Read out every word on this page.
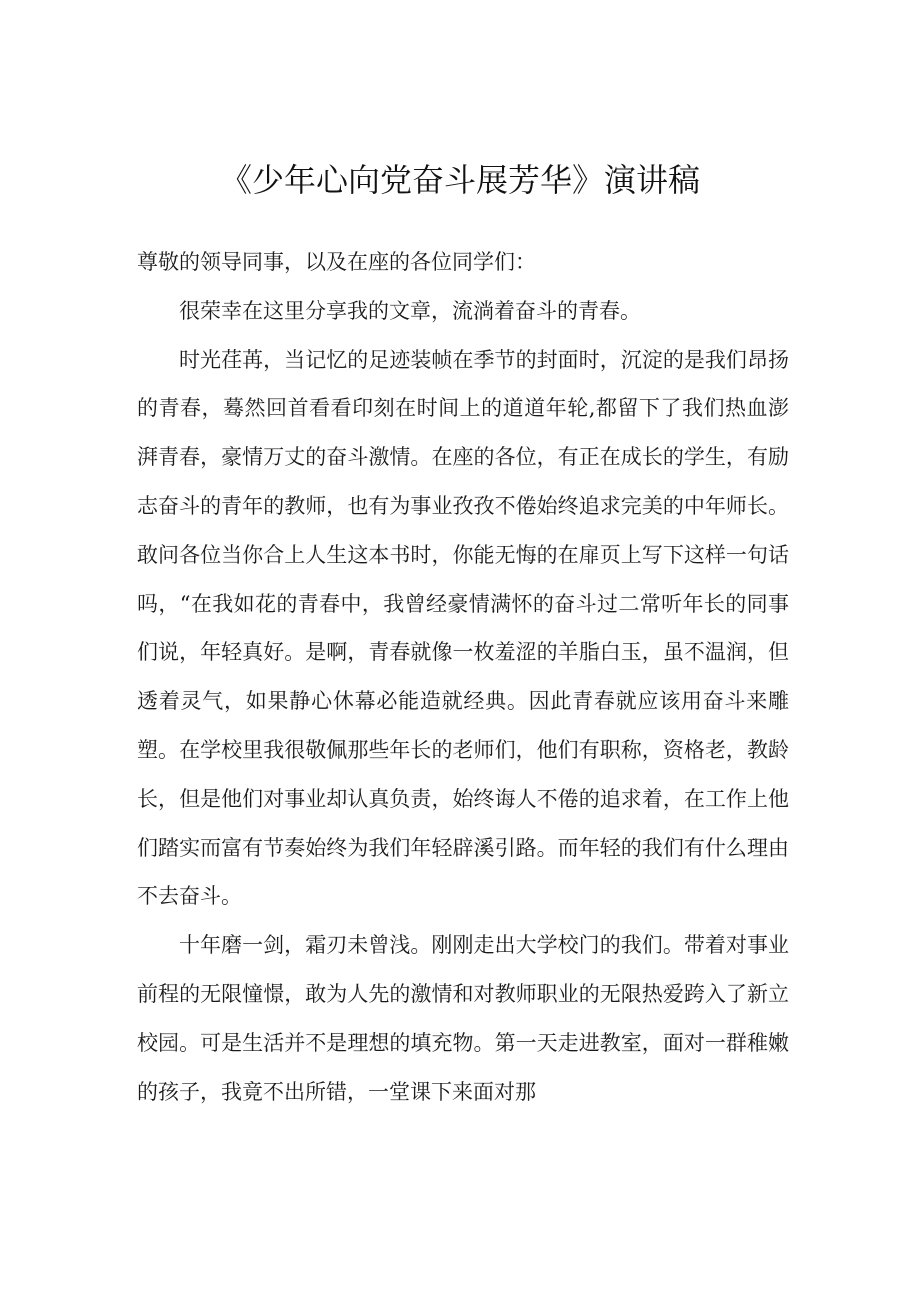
《少年心向党奋斗展芳华》演讲稿

尊敬的领导同事，以及在座的各位同学们：

很荣幸在这里分享我的文章，流淌着奋斗的青春。

时光荏苒，当记忆的足迹装帧在季节的封面时，沉淀的是我们昂扬的青春，蓦然回首看看印刻在时间上的道道年轮,都留下了我们热血澎湃青春，豪情万丈的奋斗激情。在座的各位，有正在成长的学生，有励志奋斗的青年的教师，也有为事业孜孜不倦始终追求完美的中年师长。敢问各位当你合上人生这本书时，你能无悔的在扉页上写下这样一句话吗，“在我如花的青春中，我曾经豪情满怀的奋斗过二常听年长的同事们说，年轻真好。是啊，青春就像一枚羞涩的羊脂白玉，虽不温润，但透着灵气，如果静心休幕必能造就经典。因此青春就应该用奋斗来雕塑。在学校里我很敬佩那些年长的老师们，他们有职称，资格老，教龄长，但是他们对事业却认真负责，始终诲人不倦的追求着，在工作上他们踏实而富有节奏始终为我们年轻辟溪引路。而年轻的我们有什么理由不去奋斗。

十年磨一剑，霜刃未曾浅。刚刚走出大学校门的我们。带着对事业前程的无限憧憬，敢为人先的激情和对教师职业的无限热爱跨入了新立校园。可是生活并不是理想的填充物。第一天走进教室，面对一群稚嫩的孩子，我竟不出所错，一堂课下来面对那
